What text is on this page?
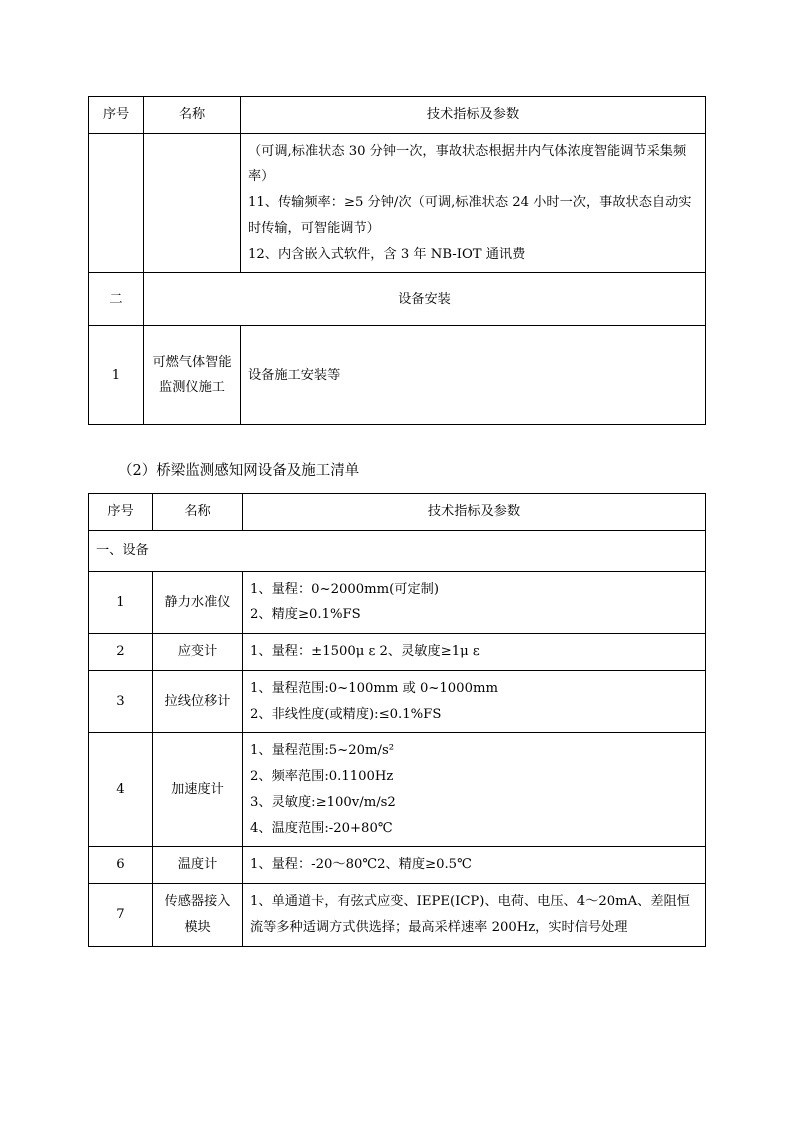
序号	名称	技术指标及参数

		（可调,标准状态 30 分钟一次，事故状态根据井内气体浓度智能调节采集频率）
11、传输频率：≥5 分钟/次（可调,标准状态 24 小时一次，事故状态自动实时传输，可智能调节）
12、内含嵌入式软件，含 3 年 NB-IOT 通讯费

二	设备安装	
1	可燃气体智能监测仪施工	设备施工安装等
（2）桥梁监测感知网设备及施工清单
序号	名称	技术指标及参数
一、设备		
1	静力水准仪	1、量程：0~2000mm(可定制)
2、精度≥0.1%FS

2	应变计	1、量程：±1500μ ε 2、灵敏度≥1μ ε

3	拉线位移计	1、量程范围:0~100mm 或 0~1000mm
2、非线性度(或精度):≤0.1%FS

4	加速度计	1、量程范围:5~20m/s²
2、频率范围:0.1100Hz
3、灵敏度:≥100v/m/s2
4、温度范围:-20+80℃

6	温度计	1、量程：-20～80℃2、精度≥0.5℃

7	传感器接入模块	1、单通道卡，有弦式应变、IEPE(ICP)、电荷、电压、4～20mA、差阻恒流等多种适调方式供选择；最高采样速率 200Hz，实时信号处理
